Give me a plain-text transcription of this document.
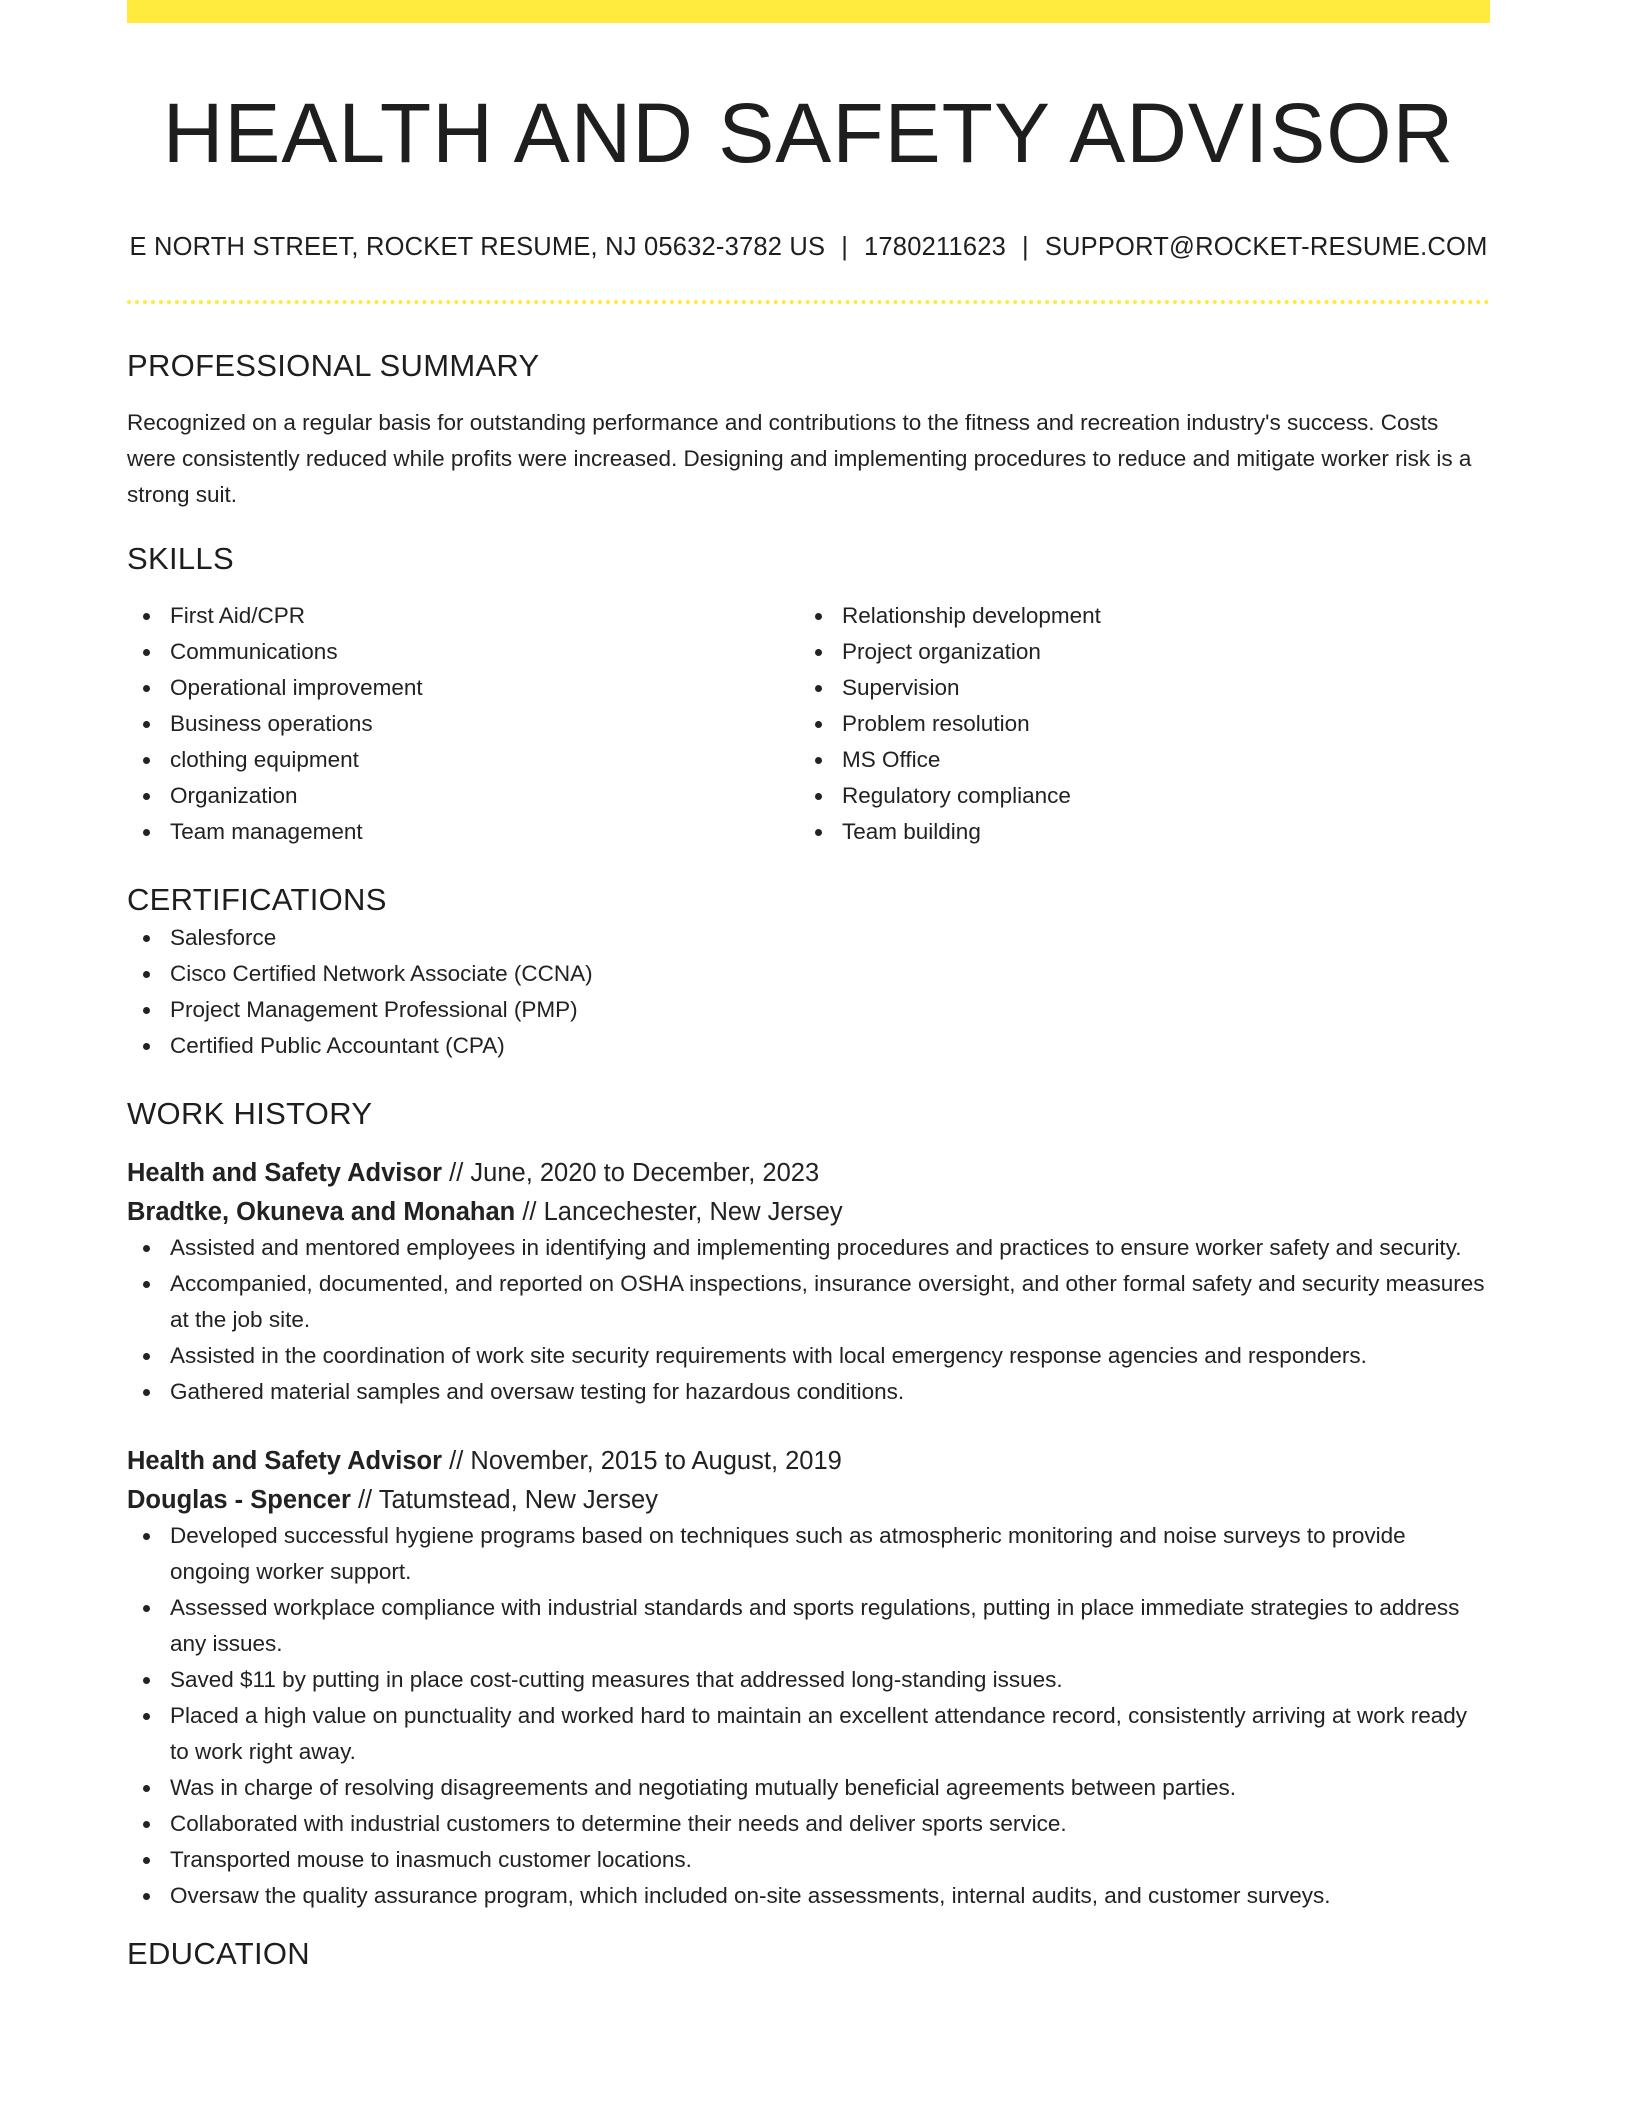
HEALTH AND SAFETY ADVISOR
E NORTH STREET, ROCKET RESUME, NJ 05632-3782 US | 1780211623 | SUPPORT@ROCKET-RESUME.COM
PROFESSIONAL SUMMARY
Recognized on a regular basis for outstanding performance and contributions to the fitness and recreation industry's success. Costs were consistently reduced while profits were increased. Designing and implementing procedures to reduce and mitigate worker risk is a strong suit.
SKILLS
First Aid/CPR
Communications
Operational improvement
Business operations
clothing equipment
Organization
Team management
Relationship development
Project organization
Supervision
Problem resolution
MS Office
Regulatory compliance
Team building
CERTIFICATIONS
Salesforce
Cisco Certified Network Associate (CCNA)
Project Management Professional (PMP)
Certified Public Accountant (CPA)
WORK HISTORY
Health and Safety Advisor // June, 2020 to December, 2023
Bradtke, Okuneva and Monahan // Lancechester, New Jersey
Assisted and mentored employees in identifying and implementing procedures and practices to ensure worker safety and security.
Accompanied, documented, and reported on OSHA inspections, insurance oversight, and other formal safety and security measures at the job site.
Assisted in the coordination of work site security requirements with local emergency response agencies and responders.
Gathered material samples and oversaw testing for hazardous conditions.
Health and Safety Advisor // November, 2015 to August, 2019
Douglas - Spencer // Tatumstead, New Jersey
Developed successful hygiene programs based on techniques such as atmospheric monitoring and noise surveys to provide ongoing worker support.
Assessed workplace compliance with industrial standards and sports regulations, putting in place immediate strategies to address any issues.
Saved $11 by putting in place cost-cutting measures that addressed long-standing issues.
Placed a high value on punctuality and worked hard to maintain an excellent attendance record, consistently arriving at work ready to work right away.
Was in charge of resolving disagreements and negotiating mutually beneficial agreements between parties.
Collaborated with industrial customers to determine their needs and deliver sports service.
Transported mouse to inasmuch customer locations.
Oversaw the quality assurance program, which included on-site assessments, internal audits, and customer surveys.
EDUCATION
